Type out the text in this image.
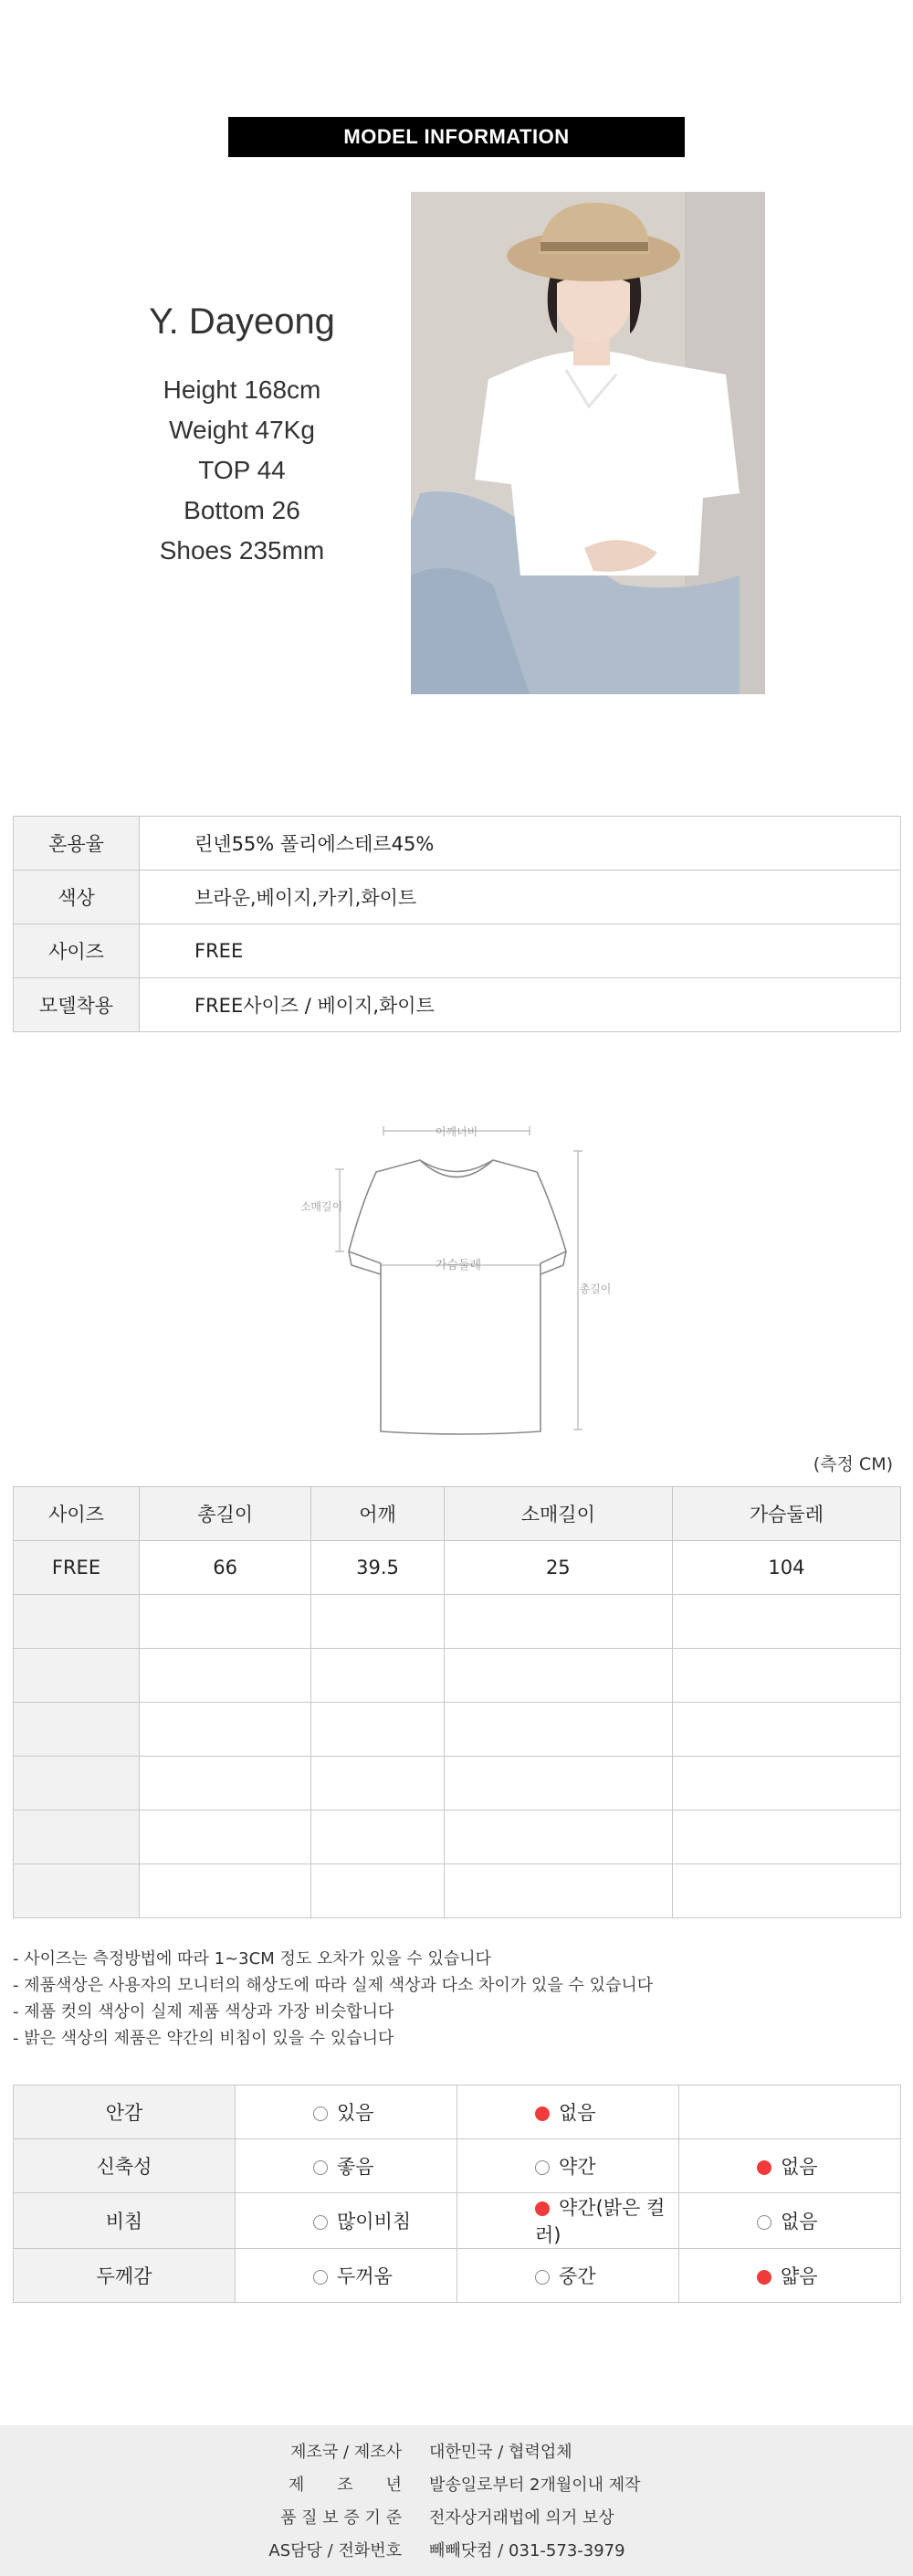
MODEL INFORMATION
Y. Dayeong
Height 168cm
Weight 47Kg
TOP 44
Bottom 26
Shoes 235mm
혼용율	린넨55% 폴리에스테르45%
색상	브라운,베이지,카키,화이트
사이즈	FREE
모델착용	FREE사이즈 / 베이지,화이트
어깨너비
소매길이
가슴둘레
총길이
(측정 CM)
사이즈	총길이	어깨	소매길이	가슴둘레
FREE	66	39.5	25	104

- 사이즈는 측정방법에 따라 1~3CM 정도 오차가 있을 수 있습니다
- 제품색상은 사용자의 모니터의 해상도에 따라 실제 색상과 다소 차이가 있을 수 있습니다
- 제품 컷의 색상이 실제 제품 색상과 가장 비슷합니다
- 밝은 색상의 제품은 약간의 비침이 있을 수 있습니다
안감	있음	없음	
신축성	좋음	약간	없음
비침	많이비침	약간(밝은 컬러)	없음
두께감	두꺼움	중간	얇음
제조국 / 제조사 대한민국 / 협력업체
제　　조　　년 발송일로부터 2개월이내 제작
품 질 보 증 기 준 전자상거래법에 의거 보상
AS담당 / 전화번호 빼빼닷컴 / 031-573-3979
